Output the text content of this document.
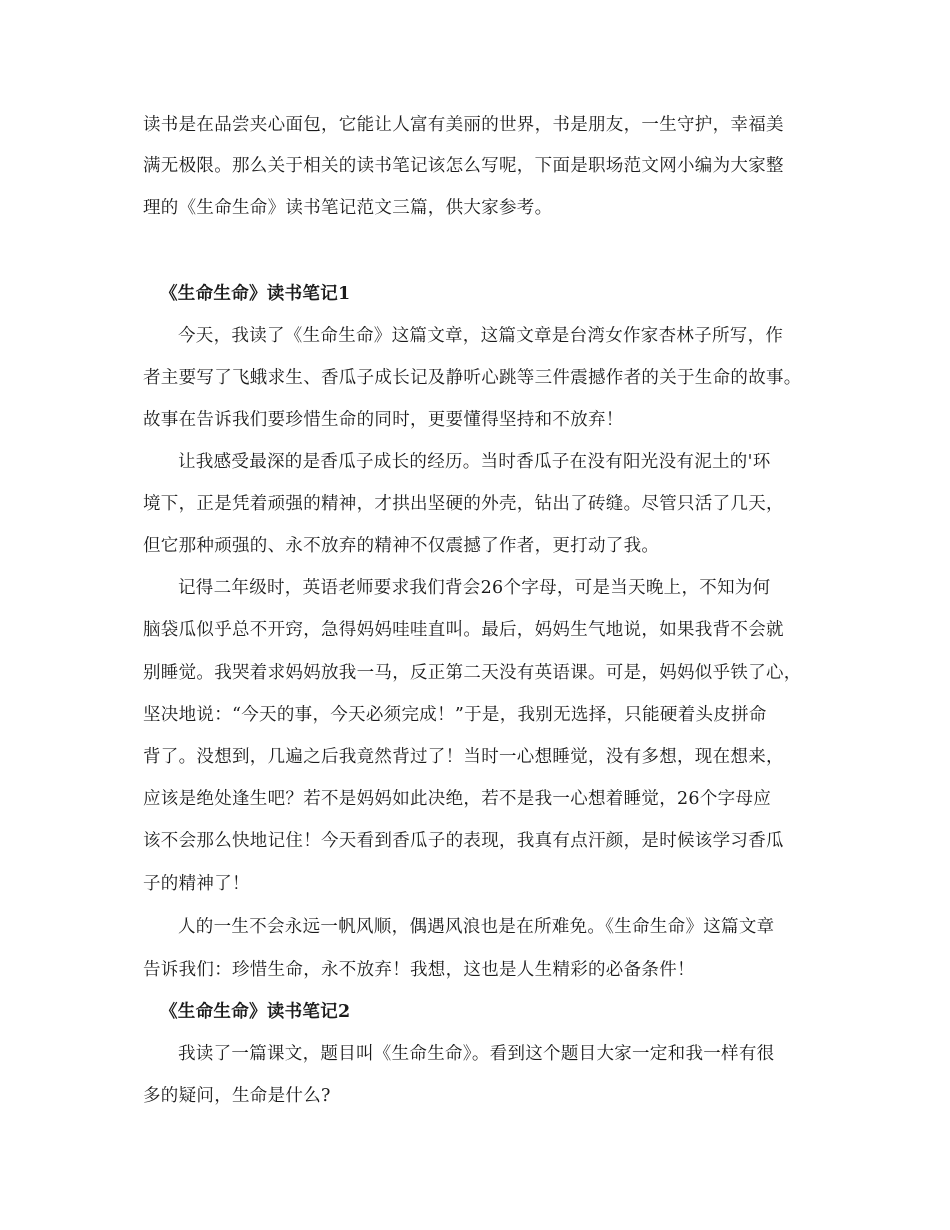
读书是在品尝夹心面包，它能让人富有美丽的世界，书是朋友，一生守护，幸福美
满无极限。那么关于相关的读书笔记该怎么写呢，下面是职场范文网小编为大家整
理的《生命生命》读书笔记范文三篇，供大家参考。
《生命生命》读书笔记1
今天，我读了《生命生命》这篇文章，这篇文章是台湾女作家杏林子所写，作
者主要写了飞蛾求生、香瓜子成长记及静听心跳等三件震撼作者的关于生命的故事。
故事在告诉我们要珍惜生命的同时，更要懂得坚持和不放弃！
让我感受最深的是香瓜子成长的经历。当时香瓜子在没有阳光没有泥土的'环
境下，正是凭着顽强的精神，才拱出坚硬的外壳，钻出了砖缝。尽管只活了几天，
但它那种顽强的、永不放弃的精神不仅震撼了作者，更打动了我。
记得二年级时，英语老师要求我们背会26个字母，可是当天晚上，不知为何
脑袋瓜似乎总不开窍，急得妈妈哇哇直叫。最后，妈妈生气地说，如果我背不会就
别睡觉。我哭着求妈妈放我一马，反正第二天没有英语课。可是，妈妈似乎铁了心，
坚决地说：“今天的事，今天必须完成！”于是，我别无选择，只能硬着头皮拼命
背了。没想到，几遍之后我竟然背过了！当时一心想睡觉，没有多想，现在想来，
应该是绝处逢生吧？若不是妈妈如此决绝，若不是我一心想着睡觉，26个字母应
该不会那么快地记住！今天看到香瓜子的表现，我真有点汗颜，是时候该学习香瓜
子的精神了！
人的一生不会永远一帆风顺，偶遇风浪也是在所难免。《生命生命》这篇文章
告诉我们：珍惜生命，永不放弃！我想，这也是人生精彩的必备条件！
《生命生命》读书笔记2
我读了一篇课文，题目叫《生命生命》。看到这个题目大家一定和我一样有很
多的疑问，生命是什么?
